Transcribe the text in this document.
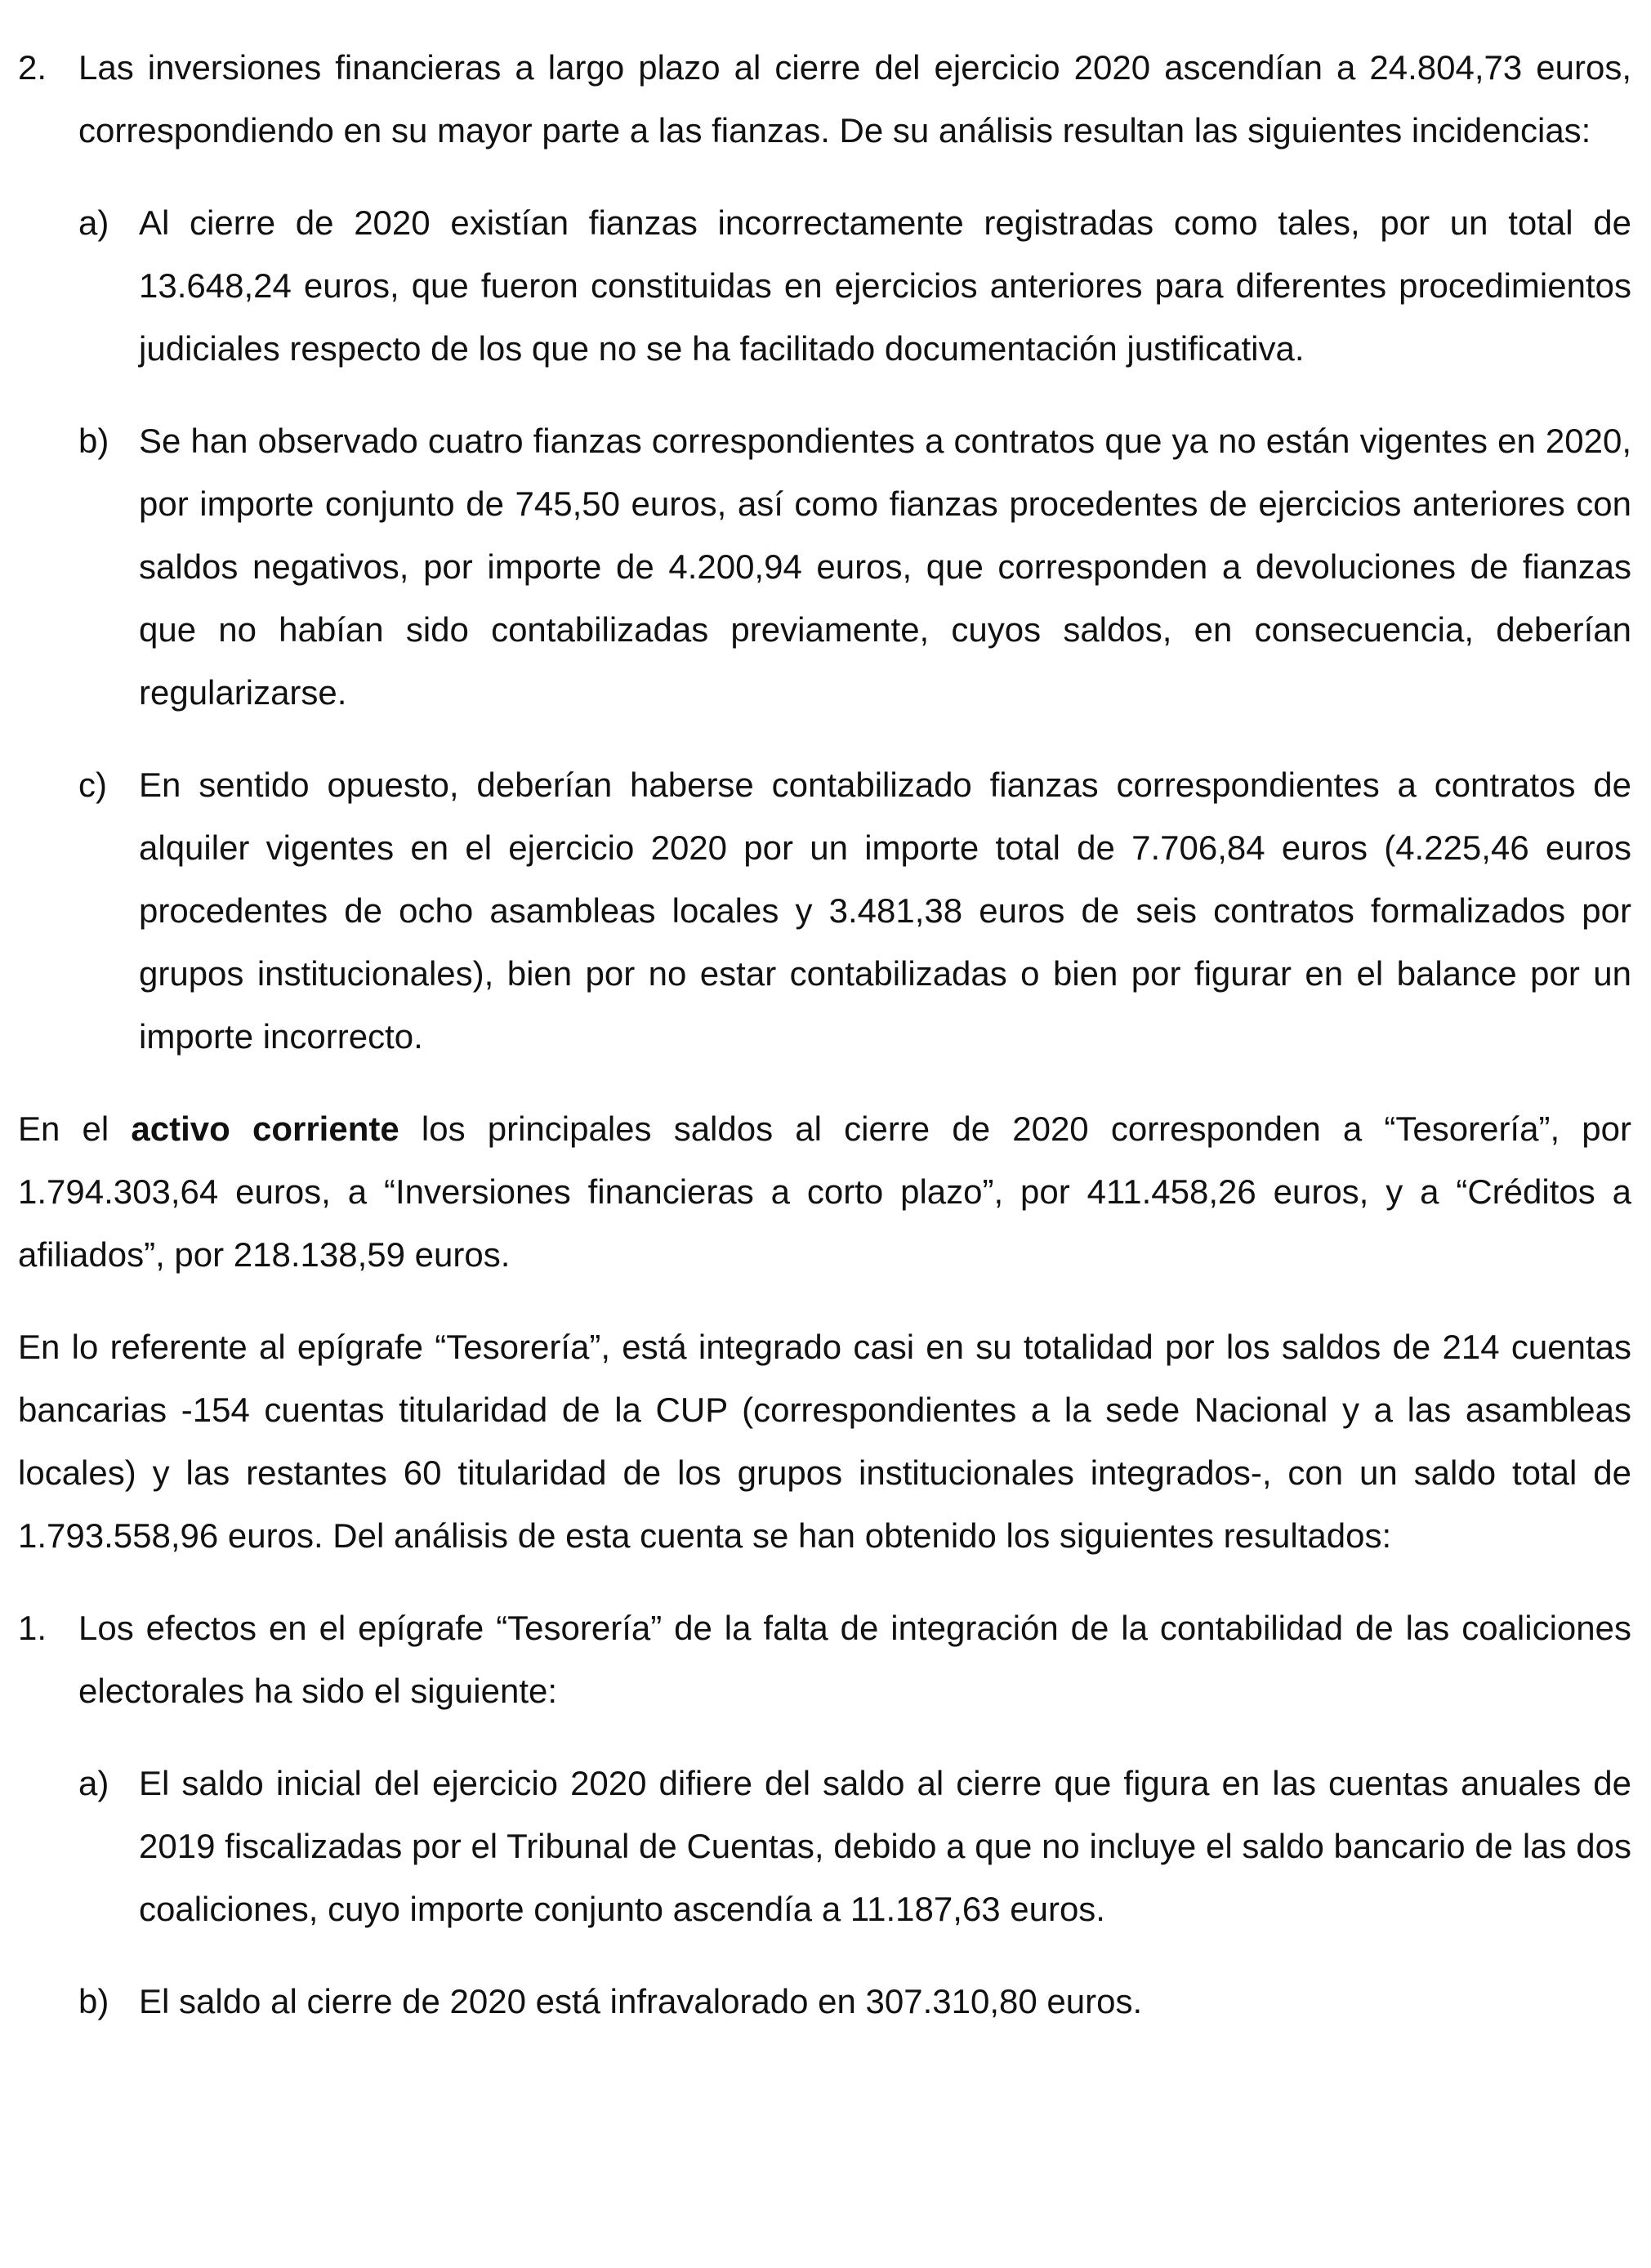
2. Las inversiones financieras a largo plazo al cierre del ejercicio 2020 ascendían a 24.804,73 euros, correspondiendo en su mayor parte a las fianzas. De su análisis resultan las siguientes incidencias:

a) Al cierre de 2020 existían fianzas incorrectamente registradas como tales, por un total de 13.648,24 euros, que fueron constituidas en ejercicios anteriores para diferentes procedimientos judiciales respecto de los que no se ha facilitado documentación justificativa.

b) Se han observado cuatro fianzas correspondientes a contratos que ya no están vigentes en 2020, por importe conjunto de 745,50 euros, así como fianzas procedentes de ejercicios anteriores con saldos negativos, por importe de 4.200,94 euros, que corresponden a devoluciones de fianzas que no habían sido contabilizadas previamente, cuyos saldos, en consecuencia, deberían regularizarse.

c) En sentido opuesto, deberían haberse contabilizado fianzas correspondientes a contratos de alquiler vigentes en el ejercicio 2020 por un importe total de 7.706,84 euros (4.225,46 euros procedentes de ocho asambleas locales y 3.481,38 euros de seis contratos formalizados por grupos institucionales), bien por no estar contabilizadas o bien por figurar en el balance por un importe incorrecto.

En el activo corriente los principales saldos al cierre de 2020 corresponden a “Tesorería”, por 1.794.303,64 euros, a “Inversiones financieras a corto plazo”, por 411.458,26 euros, y a “Créditos a afiliados”, por 218.138,59 euros.

En lo referente al epígrafe “Tesorería”, está integrado casi en su totalidad por los saldos de 214 cuentas bancarias -154 cuentas titularidad de la CUP (correspondientes a la sede Nacional y a las asambleas locales) y las restantes 60 titularidad de los grupos institucionales integrados-, con un saldo total de 1.793.558,96 euros. Del análisis de esta cuenta se han obtenido los siguientes resultados:

1. Los efectos en el epígrafe “Tesorería” de la falta de integración de la contabilidad de las coaliciones electorales ha sido el siguiente:

a) El saldo inicial del ejercicio 2020 difiere del saldo al cierre que figura en las cuentas anuales de 2019 fiscalizadas por el Tribunal de Cuentas, debido a que no incluye el saldo bancario de las dos coaliciones, cuyo importe conjunto ascendía a 11.187,63 euros.

b) El saldo al cierre de 2020 está infravalorado en 307.310,80 euros.
